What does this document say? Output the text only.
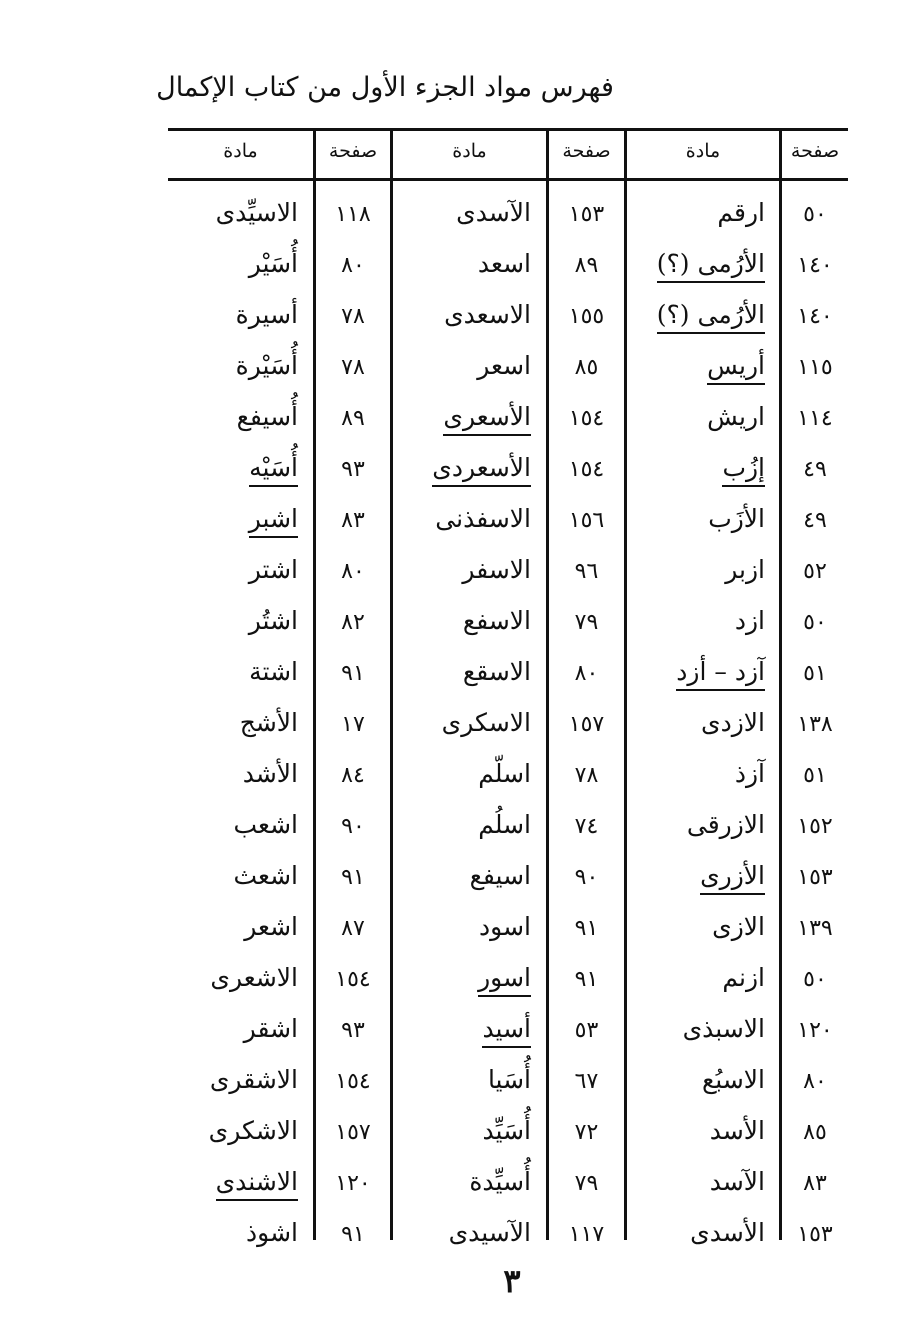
فهرس مواد الجزء الأول من كتاب الإكمال
صفحة
مادة
صفحة
مادة
صفحة
مادة
٥٠
ارقم
١٥٣
الآسدى
١١٨
الاسيِّدى
١٤٠
الأرُمى (؟)
٨٩
اسعد
٨٠
أُسَيْر
١٤٠
الأرُمى (؟)
١٥٥
الاسعدى
٧٨
أسيرة
١١٥
أريس
٨٥
اسعر
٧٨
أُسَيْرة
١١٤
اريش
١٥٤
الأسعرى
٨٩
أُسيفع
٤٩
إزُب
١٥٤
الأسعردى
٩٣
أُسَيْه
٤٩
الأزَب
١٥٦
الاسفذنى
٨٣
اشبر
٥٢
ازبر
٩٦
الاسفر
٨٠
اشتر
٥٠
ازد
٧٩
الاسفع
٨٢
اشتُر
٥١
آزد – أزد
٨٠
الاسقع
٩١
اشتة
١٣٨
الازدى
١٥٧
الاسكرى
١٧
الأشج
٥١
آزذ
٧٨
اسلّم
٨٤
الأشد
١٥٢
الازرقى
٧٤
اسلُم
٩٠
اشعب
١٥٣
الأزرى
٩٠
اسيفع
٩١
اشعث
١٣٩
الازى
٩١
اسود
٨٧
اشعر
٥٠
ازنم
٩١
اسور
١٥٤
الاشعرى
١٢٠
الاسبذى
٥٣
أسيد
٩٣
اشقر
٨٠
الاسبُع
٦٧
أُسَيا
١٥٤
الاشقرى
٨٥
الأسد
٧٢
أُسَيِّد
١٥٧
الاشكرى
٨٣
الآسد
٧٩
أُسيِّدة
١٢٠
الاشندى
١٥٣
الأسدى
١١٧
الآسيدى
٩١
اشوذ
٣
